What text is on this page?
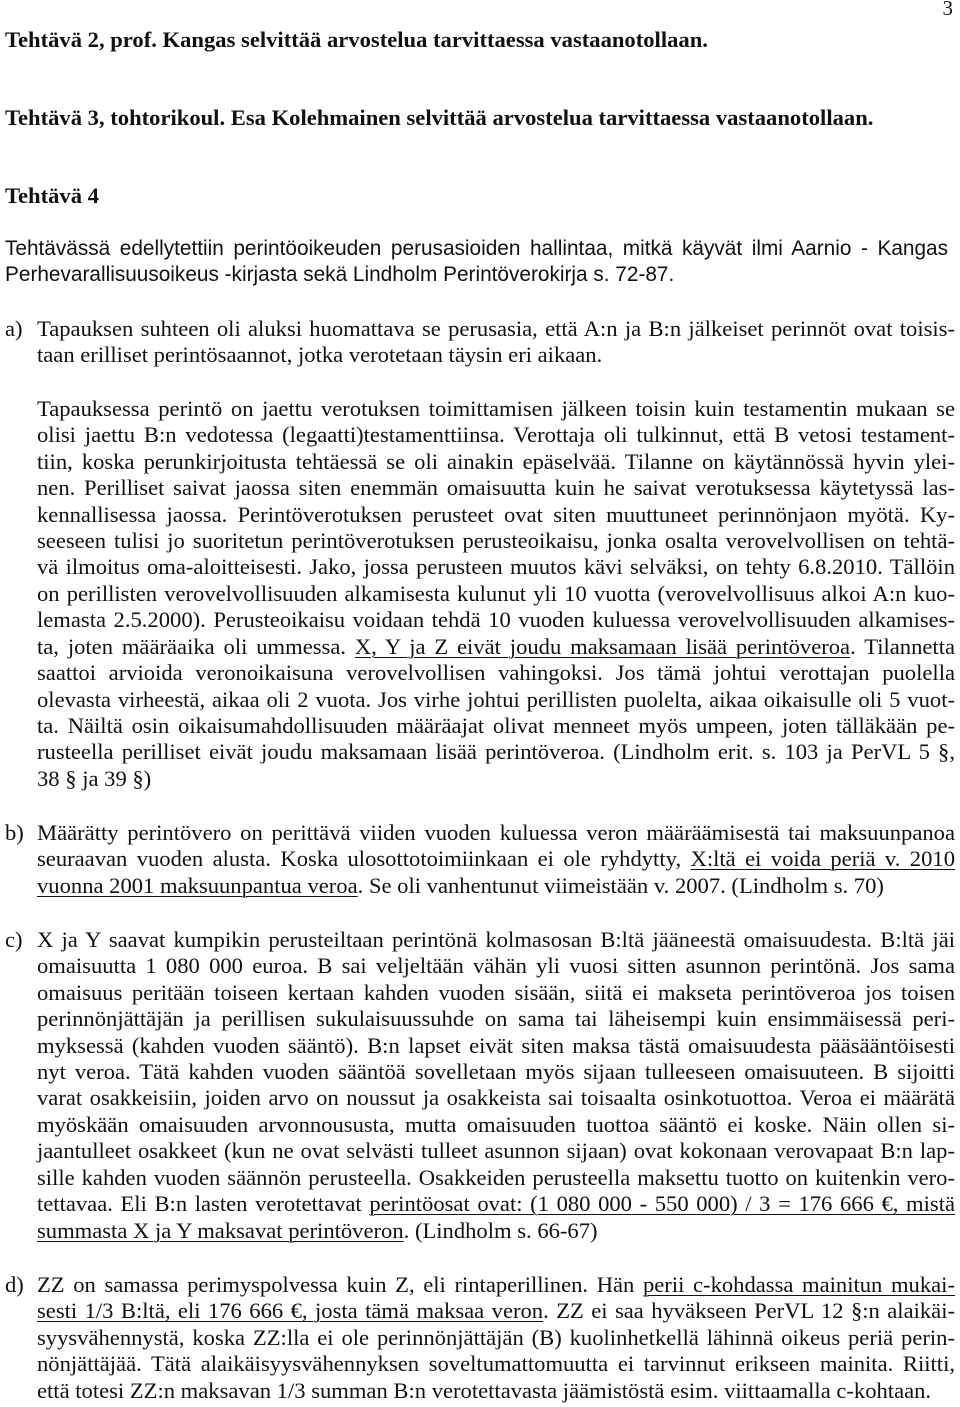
3
Tehtävä 2, prof. Kangas selvittää arvostelua tarvittaessa vastaanotollaan.
Tehtävä 3, tohtorikoul. Esa Kolehmainen selvittää arvostelua tarvittaessa vastaanotollaan.
Tehtävä 4
Tehtävässä edellytettiin perintöoikeuden perusasioiden hallintaa, mitkä käyvät ilmi Aarnio - Kangas
Perhevarallisuusoikeus -kirjasta sekä Lindholm Perintöverokirja s. 72-87.
a) Tapauksen suhteen oli aluksi huomattava se perusasia, että A:n ja B:n jälkeiset perinnöt ovat toisis-
taan erilliset perintösaannot, jotka verotetaan täysin eri aikaan.
Tapauksessa perintö on jaettu verotuksen toimittamisen jälkeen toisin kuin testamentin mukaan se
olisi jaettu B:n vedotessa (legaatti)testamenttiinsa. Verottaja oli tulkinnut, että B vetosi testament-
tiin, koska perunkirjoitusta tehtäessä se oli ainakin epäselvää. Tilanne on käytännössä hyvin ylei-
nen. Perilliset saivat jaossa siten enemmän omaisuutta kuin he saivat verotuksessa käytetyssä las-
kennallisessa jaossa. Perintöverotuksen perusteet ovat siten muuttuneet perinnönjaon myötä. Ky-
seeseen tulisi jo suoritetun perintöverotuksen perusteoikaisu, jonka osalta verovelvollisen on tehtä-
vä ilmoitus oma-aloitteisesti. Jako, jossa perusteen muutos kävi selväksi, on tehty 6.8.2010. Tällöin
on perillisten verovelvollisuuden alkamisesta kulunut yli 10 vuotta (verovelvollisuus alkoi A:n kuo-
lemasta 2.5.2000). Perusteoikaisu voidaan tehdä 10 vuoden kuluessa verovelvollisuuden alkamises-
ta, joten määräaika oli ummessa. X, Y ja Z eivät joudu maksamaan lisää perintöveroa. Tilannetta
saattoi arvioida veronoikaisuna verovelvollisen vahingoksi. Jos tämä johtui verottajan puolella
olevasta virheestä, aikaa oli 2 vuota. Jos virhe johtui perillisten puolelta, aikaa oikaisulle oli 5 vuot-
ta. Näiltä osin oikaisumahdollisuuden määräajat olivat menneet myös umpeen, joten tälläkään pe-
rusteella perilliset eivät joudu maksamaan lisää perintöveroa. (Lindholm erit. s. 103 ja PerVL 5 §,
38 § ja 39 §)
b) Määrätty perintövero on perittävä viiden vuoden kuluessa veron määräämisestä tai maksuunpanoa
seuraavan vuoden alusta. Koska ulosottotoimiinkaan ei ole ryhdytty, X:ltä ei voida periä v. 2010
vuonna 2001 maksuunpantua veroa. Se oli vanhentunut viimeistään v. 2007. (Lindholm s. 70)
c) X ja Y saavat kumpikin perusteiltaan perintönä kolmasosan B:ltä jääneestä omaisuudesta. B:ltä jäi
omaisuutta 1 080 000 euroa. B sai veljeltään vähän yli vuosi sitten asunnon perintönä. Jos sama
omaisuus peritään toiseen kertaan kahden vuoden sisään, siitä ei makseta perintöveroa jos toisen
perinnönjättäjän ja perillisen sukulaisuussuhde on sama tai läheisempi kuin ensimmäisessä peri-
myksessä (kahden vuoden sääntö). B:n lapset eivät siten maksa tästä omaisuudesta pääsääntöisesti
nyt veroa. Tätä kahden vuoden sääntöä sovelletaan myös sijaan tulleeseen omaisuuteen. B sijoitti
varat osakkeisiin, joiden arvo on noussut ja osakkeista sai toisaalta osinkotuottoa. Veroa ei määrätä
myöskään omaisuuden arvonnoususta, mutta omaisuuden tuottoa sääntö ei koske. Näin ollen si-
jaantulleet osakkeet (kun ne ovat selvästi tulleet asunnon sijaan) ovat kokonaan verovapaat B:n lap-
sille kahden vuoden säännön perusteella. Osakkeiden perusteella maksettu tuotto on kuitenkin vero-
tettavaa. Eli B:n lasten verotettavat perintöosat ovat: (1 080 000 - 550 000) / 3 = 176 666 €, mistä
summasta X ja Y maksavat perintöveron. (Lindholm s. 66-67)
d) ZZ on samassa perimyspolvessa kuin Z, eli rintaperillinen. Hän perii c-kohdassa mainitun mukai-
sesti 1/3 B:ltä, eli 176 666 €, josta tämä maksaa veron. ZZ ei saa hyväkseen PerVL 12 §:n alaikäi-
syysvähennystä, koska ZZ:lla ei ole perinnönjättäjän (B) kuolinhetkellä lähinnä oikeus periä perin-
nönjättäjää. Tätä alaikäisyysvähennyksen soveltumattomuutta ei tarvinnut erikseen mainita. Riitti,
että totesi ZZ:n maksavan 1/3 summan B:n verotettavasta jäämistöstä esim. viittaamalla c-kohtaan.
